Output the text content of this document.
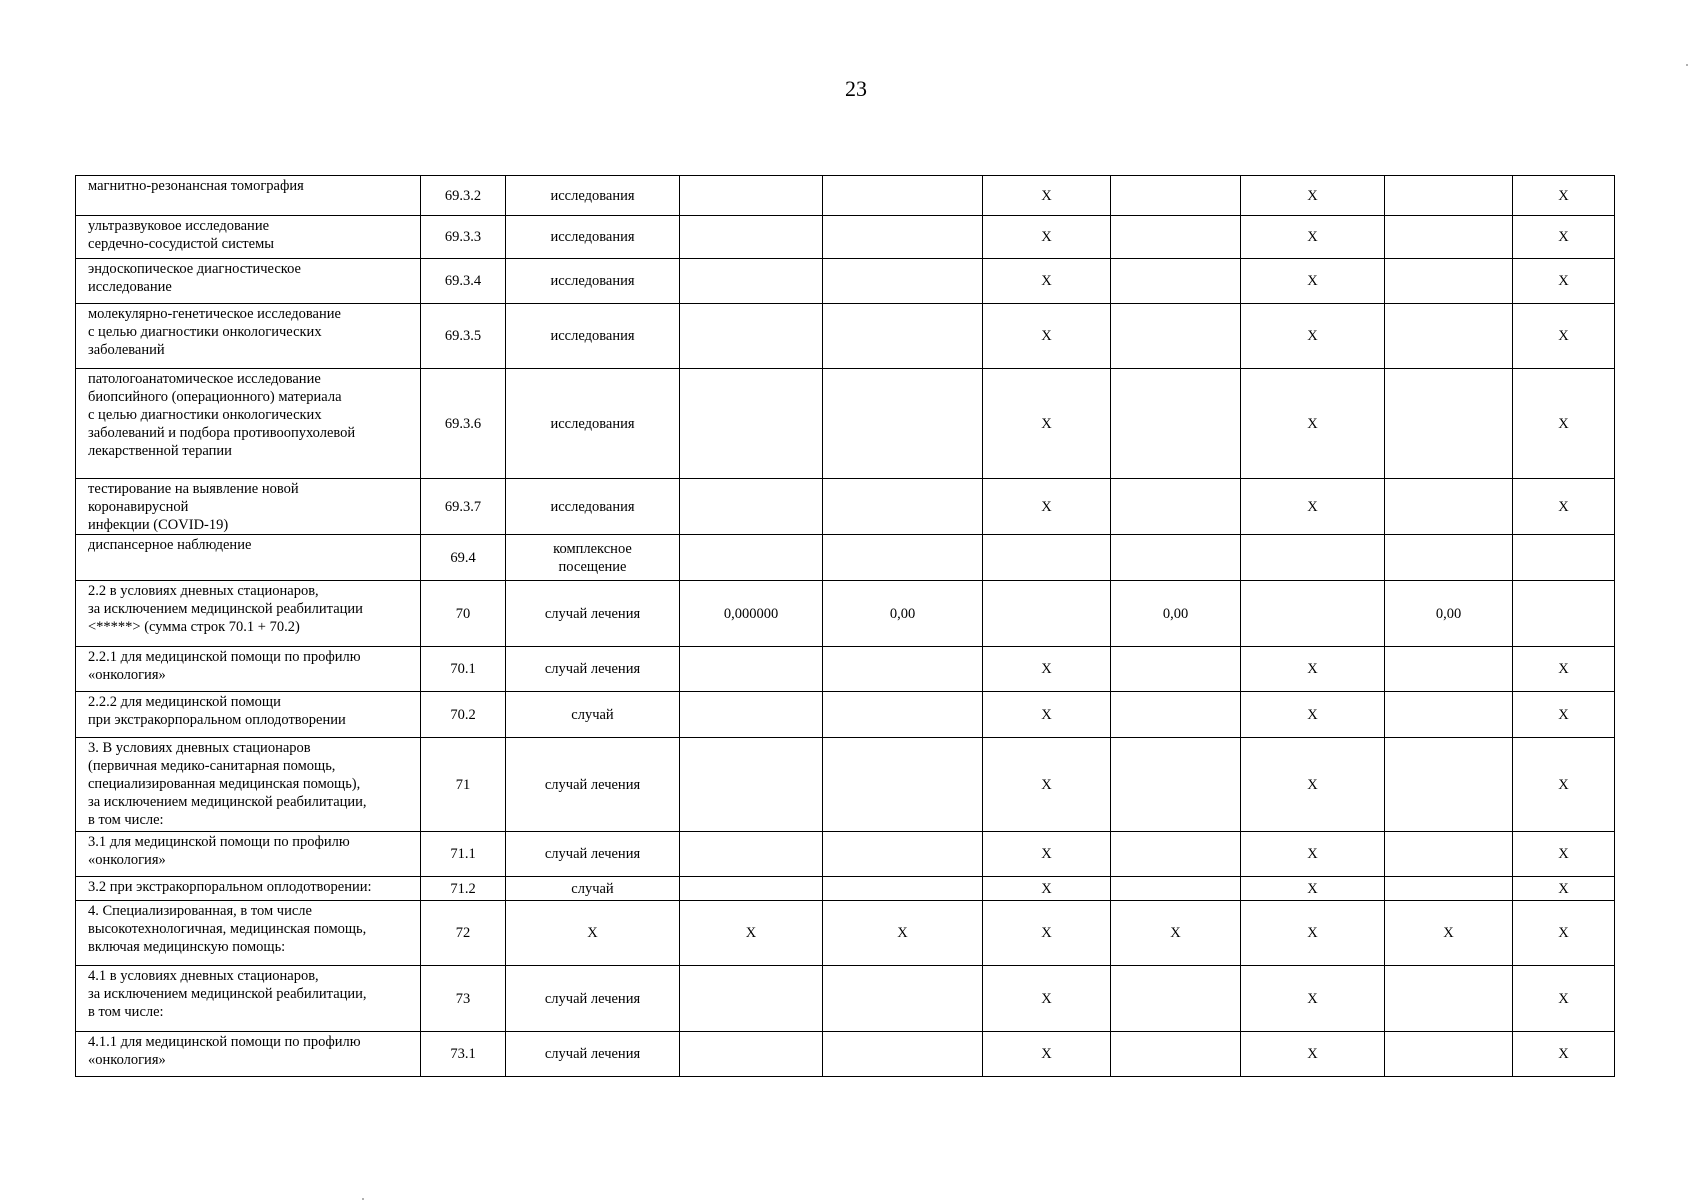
23
магнитно-резонансная томография	69.3.2	исследования			X		X		X
ультразвуковое исследование
сердечно-сосудистой системы	69.3.3	исследования			X		X		X
эндоскопическое диагностическое
исследование	69.3.4	исследования			X		X		X
молекулярно-генетическое исследование
с целью диагностики онкологических
заболеваний	69.3.5	исследования			X		X		X
патологоанатомическое исследование
биопсийного (операционного) материала
с целью диагностики онкологических
заболеваний и подбора противоопухолевой
лекарственной терапии	69.3.6	исследования			X		X		X
тестирование на выявление новой
коронавирусной
инфекции (COVID-19)	69.3.7	исследования			X		X		X
диспансерное наблюдение	69.4	комплексное
посещение							
2.2 в условиях дневных стационаров,
за исключением медицинской реабилитации
<*****> (сумма строк 70.1 + 70.2)	70	случай лечения	0,000000	0,00		0,00		0,00	
2.2.1 для медицинской помощи по профилю
«онкология»	70.1	случай лечения			X		X		X
2.2.2 для медицинской помощи
при экстракорпоральном оплодотворении	70.2	случай			X		X		X
3. В условиях дневных стационаров
(первичная медико-санитарная помощь,
специализированная медицинская помощь),
за исключением медицинской реабилитации,
в том числе:	71	случай лечения			X		X		X
3.1 для медицинской помощи по профилю
«онкология»	71.1	случай лечения			X		X		X
3.2 при экстракорпоральном оплодотворении:	71.2	случай			X		X		X
4. Специализированная, в том числе
высокотехнологичная, медицинская помощь,
включая медицинскую помощь:	72	X	X	X	X	X	X	X	X
4.1 в условиях дневных стационаров,
за исключением медицинской реабилитации,
в том числе:	73	случай лечения			X		X		X
4.1.1 для медицинской помощи по профилю
«онкология»	73.1	случай лечения			X		X		X
